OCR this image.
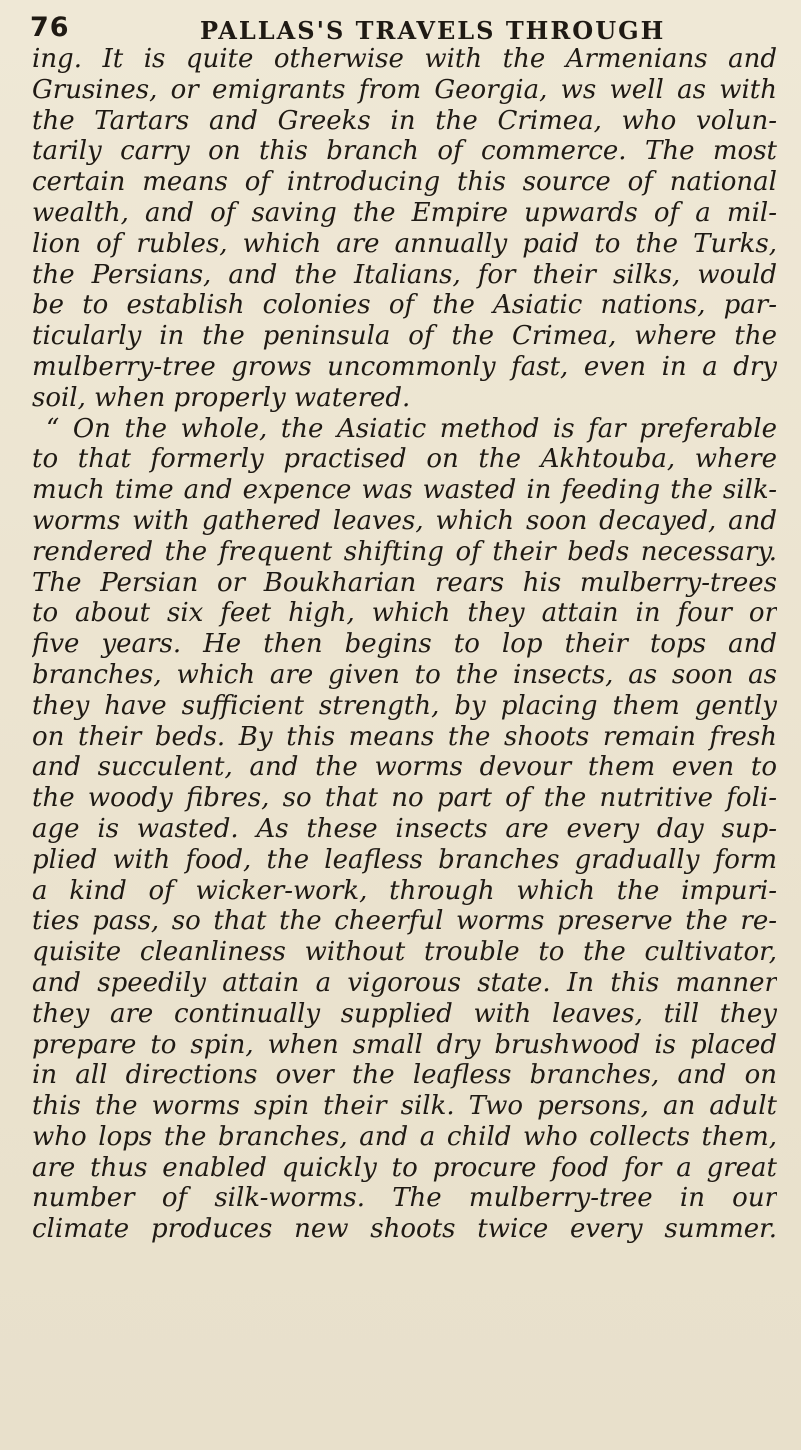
76	PALLAS'S TRAVELS THROUGH
ing. It is quite otherwise with the Armenians and
Grusines, or emigrants from Georgia, ws well as with
the Tartars and Greeks in the Crimea, who volun-
tarily carry on this branch of commerce. The most
certain means of introducing this source of national
wealth, and of saving the Empire upwards of a mil-
lion of rubles, which are annually paid to the Turks,
the Persians, and the Italians, for their silks, would
be to establish colonies of the Asiatic nations, par-
ticularly in the peninsula of the Crimea, where the
mulberry-tree grows uncommonly fast, even in a dry
soil, when properly watered.
“ On the whole, the Asiatic method is far preferable
to that formerly practised on the Akhtouba, where
much time and expence was wasted in feeding the silk-
worms with gathered leaves, which soon decayed, and
rendered the frequent shifting of their beds necessary.
The Persian or Boukharian rears his mulberry-trees
to about six feet high, which they attain in four or
five years. He then begins to lop their tops and
branches, which are given to the insects, as soon as
they have sufficient strength, by placing them gently
on their beds. By this means the shoots remain fresh
and succulent, and the worms devour them even to
the woody fibres, so that no part of the nutritive foli-
age is wasted. As these insects are every day sup-
plied with food, the leafless branches gradually form
a kind of wicker-work, through which the impuri-
ties pass, so that the cheerful worms preserve the re-
quisite cleanliness without trouble to the cultivator,
and speedily attain a vigorous state. In this manner
they are continually supplied with leaves, till they
prepare to spin, when small dry brushwood is placed
in all directions over the leafless branches, and on
this the worms spin their silk. Two persons, an adult
who lops the branches, and a child who collects them,
are thus enabled quickly to procure food for a great
number of silk-worms. The mulberry-tree in our
climate produces new shoots twice every summer.
